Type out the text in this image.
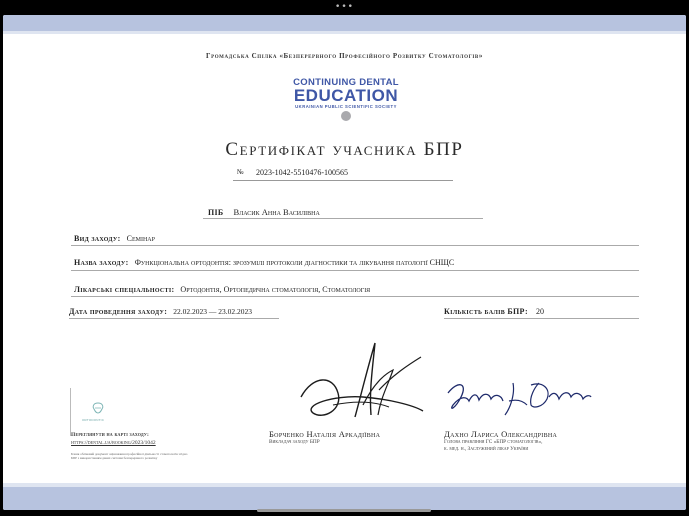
•••
Громадська Спілка «Безперервного Професійного Розвитку Стоматологів»
CONTINUING DENTAL
EDUCATION
UKRAINIAN PUBLIC SCIENTIFIC SOCIETY
Сертифікат учасника БПР
№ 2023-1042-5510476-100565
ПІБ Власик Анна Василівна
Вид заходу: Семінар
Назва заходу: Функціональна ортодонтія: зрозумілі протоколи діагностики та лікування патології СНЩС
Лікарські спеціальності: Ортодонтія, Ортопедична стоматологія, Стоматологія
Дата проведення заходу: 22.02.2023 — 23.02.2023	Кількість балів БПР: 20
ORTODONTIC
Переглянути на карті заходу:
https://dental.ua/booking/2023/1042
Бланк обліковий документ оцінювання професійної діяльності стоматологів згідно БПР з використанням даних системи безперервного розвитку
Борченко Наталія Аркадіївна
Викладач заходу БПР
Дахно Лариса Олександрівна
Голова правління ГС «БПР стоматологів»,
к. мед. н., Заслужений лікар України
